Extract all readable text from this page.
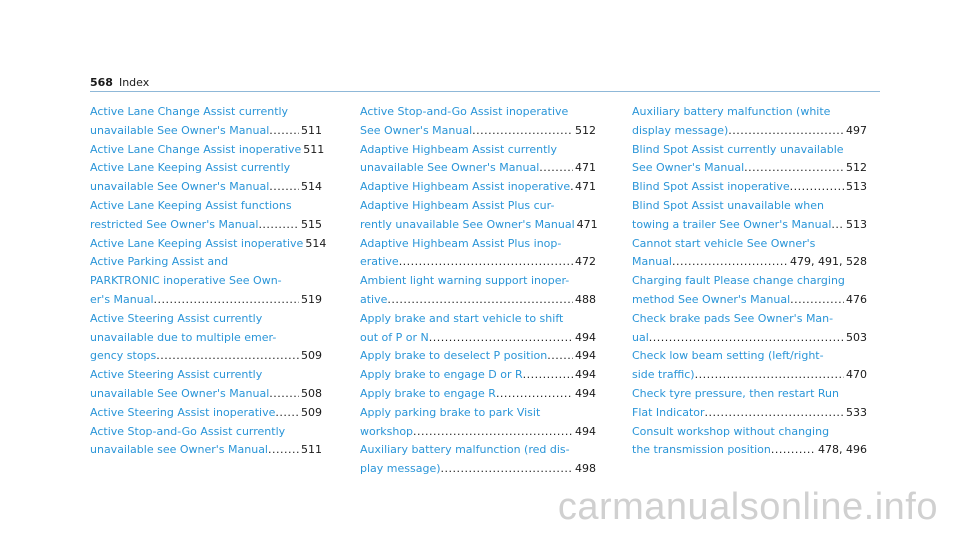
568 Index
Active Lane Change Assist currently
unavailable See Owner's Manual .....	511
Active Lane Change Assist inoperative 511
Active Lane Keeping Assist currently
unavailable See Owner's Manual .....	514
Active Lane Keeping Assist functions
restricted See Owner's Manual .....	515
Active Lane Keeping Assist inoperative 514
Active Parking Assist and
PARKTRONIC inoperative See Own-
er's Manual .....	519
Active Steering Assist currently
unavailable due to multiple emer-
gency stops .....	509
Active Steering Assist currently
unavailable See Owner's Manual .....	508
Active Steering Assist inoperative ..... 509
Active Stop-and-Go Assist currently
unavailable see Owner's Manual .....	511
Active Stop-and-Go Assist inoperative
See Owner's Manual .....	512
Adaptive Highbeam Assist currently
unavailable See Owner's Manual .....	471
Adaptive Highbeam Assist inoperative ..... 471
Adaptive Highbeam Assist Plus cur-
rently unavailable See Owner's Manual 471
Adaptive Highbeam Assist Plus inop-
erative .....	472
Ambient light warning support inoper-
ative .....	488
Apply brake and start vehicle to shift
out of P or N .....	494
Apply brake to deselect P position .....	494
Apply brake to engage D or R .....	494
Apply brake to engage R .....	494
Apply parking brake to park Visit
workshop .....	494
Auxiliary battery malfunction (red dis-
play message) .....	498
Auxiliary battery malfunction (white
display message) .....	497
Blind Spot Assist currently unavailable
See Owner's Manual .....	512
Blind Spot Assist inoperative .....	513
Blind Spot Assist unavailable when
towing a trailer See Owner's Manual ..... 513
Cannot start vehicle See Owner's
Manual .....	479, 491, 528
Charging fault Please change charging
method See Owner's Manual .....	476
Check brake pads See Owner's Man-
ual .....	503
Check low beam setting (left/right-
side traffic) .....	470
Check tyre pressure, then restart Run
Flat Indicator .....	533
Consult workshop without changing
the transmission position .....	478, 496
carmanualsonline.info
